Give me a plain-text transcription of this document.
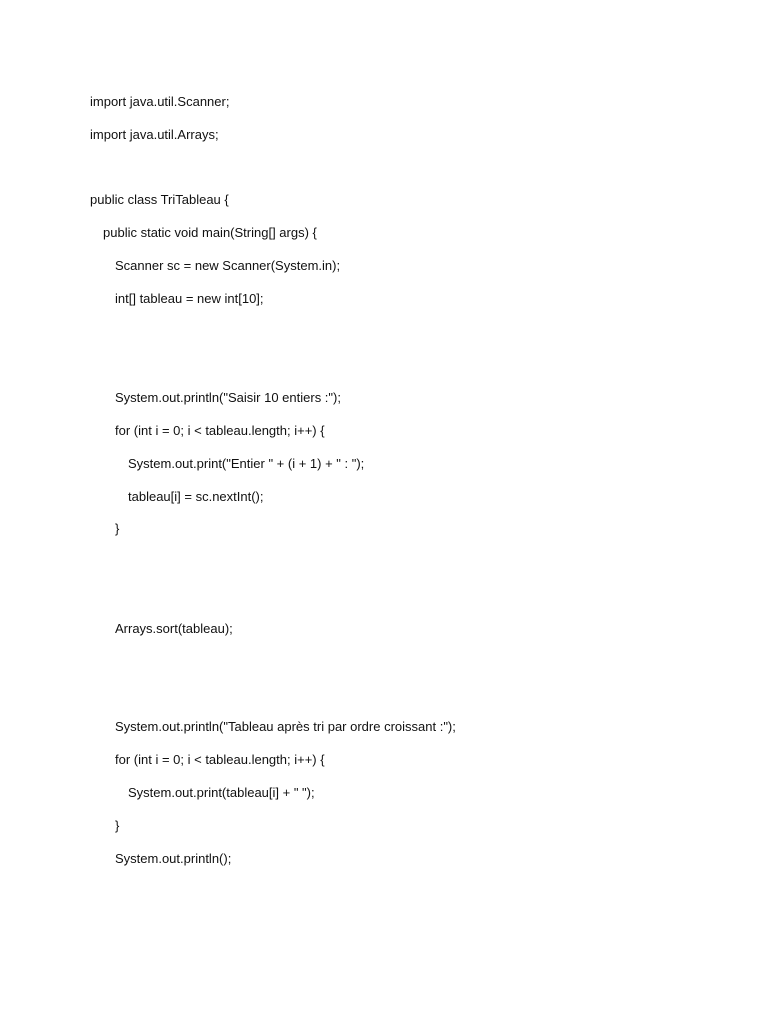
import java.util.Scanner;
import java.util.Arrays;
public class TriTableau {
public static void main(String[] args) {
Scanner sc = new Scanner(System.in);
int[] tableau = new int[10];
System.out.println("Saisir 10 entiers :");
for (int i = 0; i < tableau.length; i++) {
System.out.print("Entier " + (i + 1) + " : ");
tableau[i] = sc.nextInt();
}
Arrays.sort(tableau);
System.out.println("Tableau après tri par ordre croissant :");
for (int i = 0; i < tableau.length; i++) {
System.out.print(tableau[i] + " ");
}
System.out.println();
